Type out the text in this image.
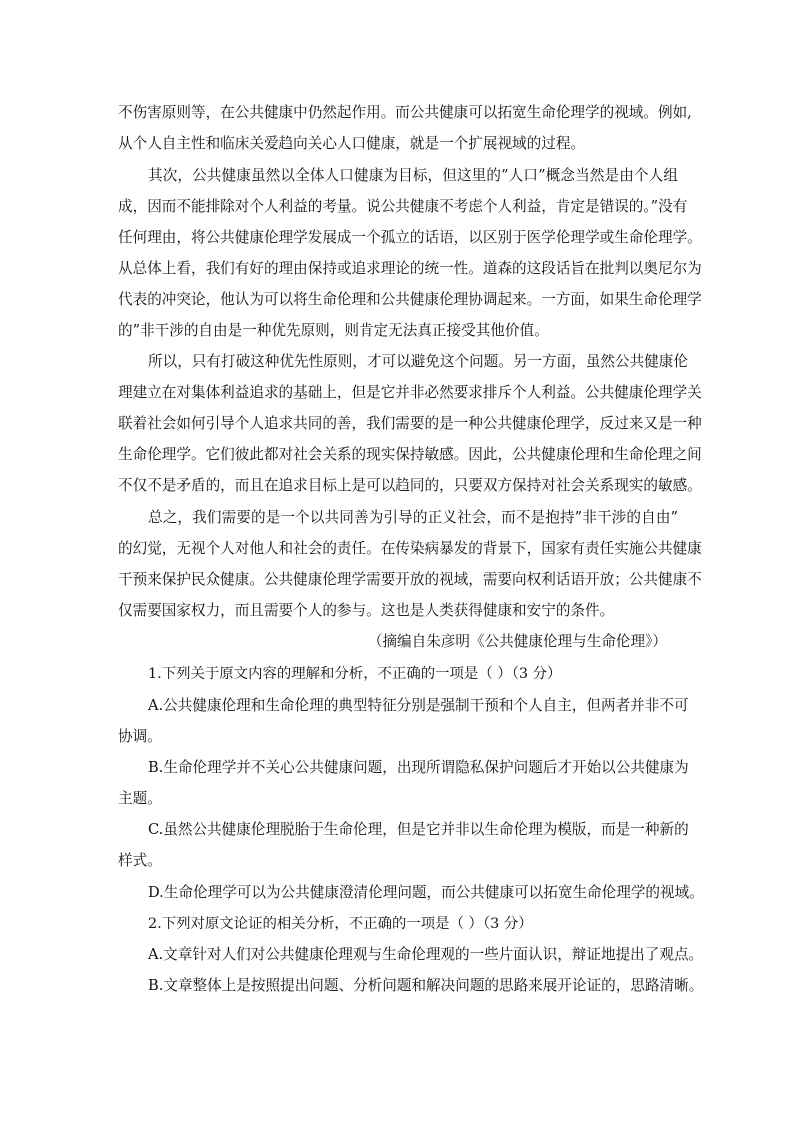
不伤害原则等，在公共健康中仍然起作用。而公共健康可以拓宽生命伦理学的视域。例如,
从个人自主性和临床关爱趋向关心人口健康，就是一个扩展视域的过程。
其次，公共健康虽然以全体人口健康为目标，但这里的”人口”概念当然是由个人组
成，因而不能排除对个人利益的考量。说公共健康不考虑个人利益，肯定是错误的。”没有
任何理由，将公共健康伦理学发展成一个孤立的话语，以区别于医学伦理学或生命伦理学。
从总体上看，我们有好的理由保持或追求理论的统一性。道森的这段话旨在批判以奥尼尔为
代表的冲突论，他认为可以将生命伦理和公共健康伦理协调起来。一方面，如果生命伦理学
的”非干涉的自由是一种优先原则，则肯定无法真正接受其他价值。
所以，只有打破这种优先性原则，才可以避免这个问题。另一方面，虽然公共健康伦
理建立在对集体利益追求的基础上，但是它并非必然要求排斥个人利益。公共健康伦理学关
联着社会如何引导个人追求共同的善，我们需要的是一种公共健康伦理学，反过来又是一种
生命伦理学。它们彼此都对社会关系的现实保持敏感。因此，公共健康伦理和生命伦理之间
不仅不是矛盾的，而且在追求目标上是可以趋同的，只要双方保持对社会关系现实的敏感。
总之，我们需要的是一个以共同善为引导的正义社会，而不是抱持”非干涉的自由”
的幻觉，无视个人对他人和社会的责任。在传染病暴发的背景下，国家有责任实施公共健康
干预来保护民众健康。公共健康伦理学需要开放的视域，需要向权利话语开放；公共健康不
仅需要国家权力，而且需要个人的参与。这也是人类获得健康和安宁的条件。
（摘编自朱彦明《公共健康伦理与生命伦理》）
1.下列关于原文内容的理解和分析，不正确的一项是（ ）（3 分）
A.公共健康伦理和生命伦理的典型特征分别是强制干预和个人自主，但两者并非不可
协调。
B.生命伦理学并不关心公共健康问题，出现所谓隐私保护问题后才开始以公共健康为
主题。
C.虽然公共健康伦理脱胎于生命伦理，但是它并非以生命伦理为模版，而是一种新的
样式。
D.生命伦理学可以为公共健康澄清伦理问题，而公共健康可以拓宽生命伦理学的视域。
2.下列对原文论证的相关分析，不正确的一项是（ ）（3 分）
A.文章针对人们对公共健康伦理观与生命伦理观的一些片面认识，辩证地提出了观点。
B.文章整体上是按照提出问题、分析问题和解决问题的思路来展开论证的，思路清晰。
